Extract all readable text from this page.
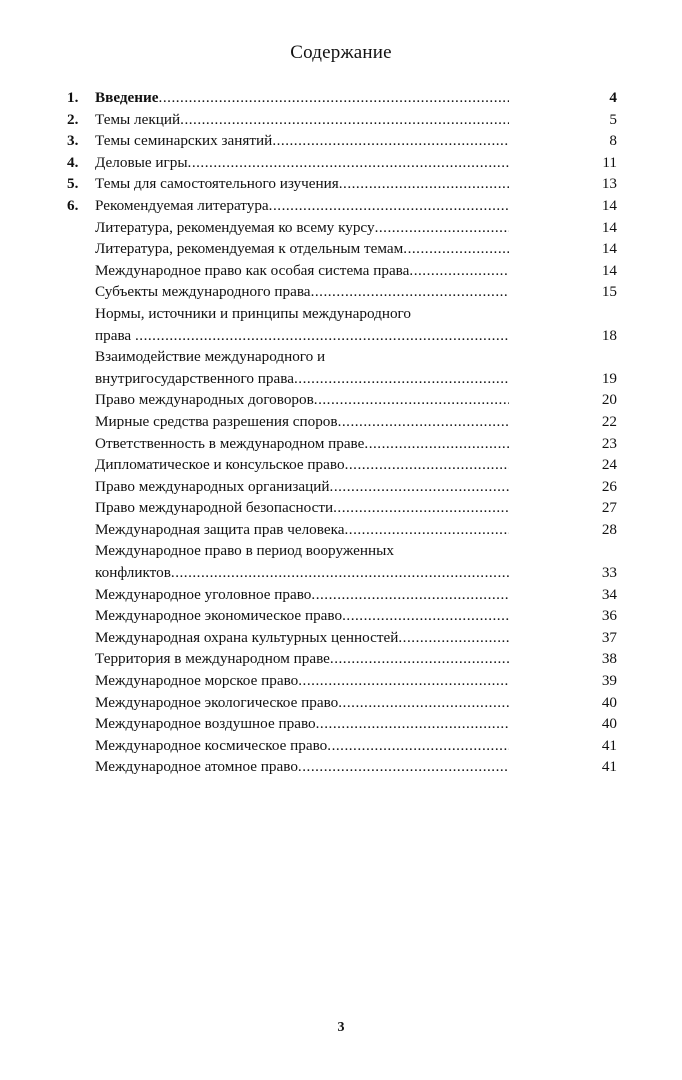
Содержание
1.	Введение .....	4
2.	Темы лекций .....	5
3.	Темы семинарских занятий .....	8
4.	Деловые игры .....	11
5.	Темы для самостоятельного изучения .....	13
6.	Рекомендуемая литература .....	14
Литература, рекомендуемая ко всему курсу .....	14
Литература, рекомендуемая к отдельным темам .....	14
Международное право как особая система права .....	14
Субъекты международного права .....	15
Нормы, источники и принципы международного
права .....	18
Взаимодействие международного и
внутригосударственного права .....	19
Право международных договоров .....	20
Мирные средства разрешения споров .....	22
Ответственность в международном праве .....	23
Дипломатическое и консульское право .....	24
Право международных организаций .....	26
Право международной безопасности .....	27
Международная защита прав человека .....	28
Международное право в период вооруженных
конфликтов .....	33
Международное уголовное право .....	34
Международное экономическое право .....	36
Международная охрана культурных ценностей .....	37
Территория в международном праве .....	38
Международное морское право .....	39
Международное экологическое право .....	40
Международное воздушное право .....	40
Международное космическое право .....	41
Международное атомное право .....	41
3
